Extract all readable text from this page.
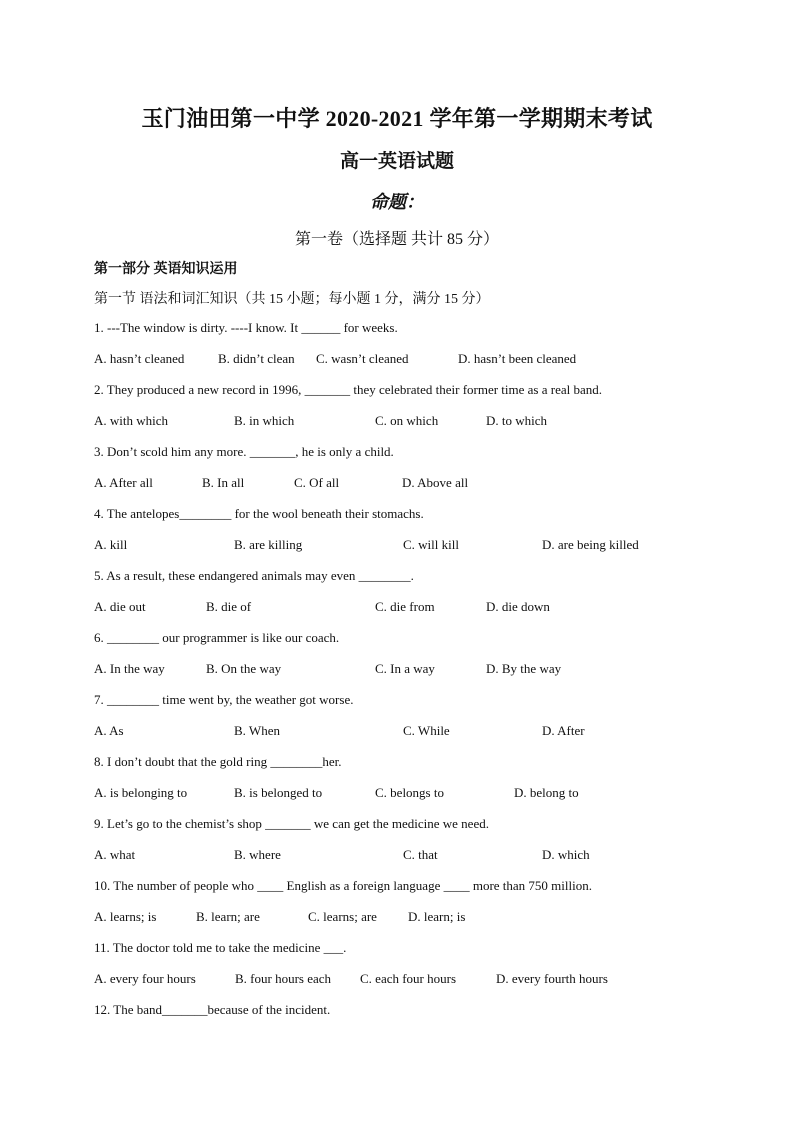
玉门油田第一中学 2020-2021 学年第一学期期末考试
高一英语试题
命题：
第一卷（选择题 共计 85 分）
第一部分 英语知识运用
第一节 语法和词汇知识（共 15 小题；每小题 1 分，满分 15 分）
1. ---The window is dirty. ----I know. It ______ for weeks.
A. hasn’t cleaned	B. didn’t clean C. wasn’t cleaned	D. hasn’t been cleaned
2. They produced a new record in 1996, _______ they celebrated their former time as a real band.
A. with which	B. in which	C. on which	D. to which
3. Don’t scold him any more. _______, he is only a child.
A. After all	B. In all	C. Of all	D. Above all
4. The antelopes________ for the wool beneath their stomachs.
A. kill	B. are killing	C. will kill	D. are being killed
5. As a result, these endangered animals may even ________.
A. die out	B. die of	C. die from	D. die down
6. ________ our programmer is like our coach.
A. In the way	B. On the way	C. In a way	D. By the way
7. ________ time went by, the weather got worse.
A. As	B. When	C. While	D. After
8. I don’t doubt that the gold ring ________her.
A. is belonging to	B. is belonged to	C. belongs to	D. belong to
9. Let’s go to the chemist’s shop _______ we can get the medicine we need.
A. what	B. where	C. that	D. which
10. The number of people who ____ English as a foreign language ____ more than 750 million.
A. learns; is	B. learn; are	C. learns; are D. learn; is
11. The doctor told me to take the medicine ___.
A. every four hours	B. four hours each C. each four hours	D. every fourth hours
12. The band_______because of the incident.
